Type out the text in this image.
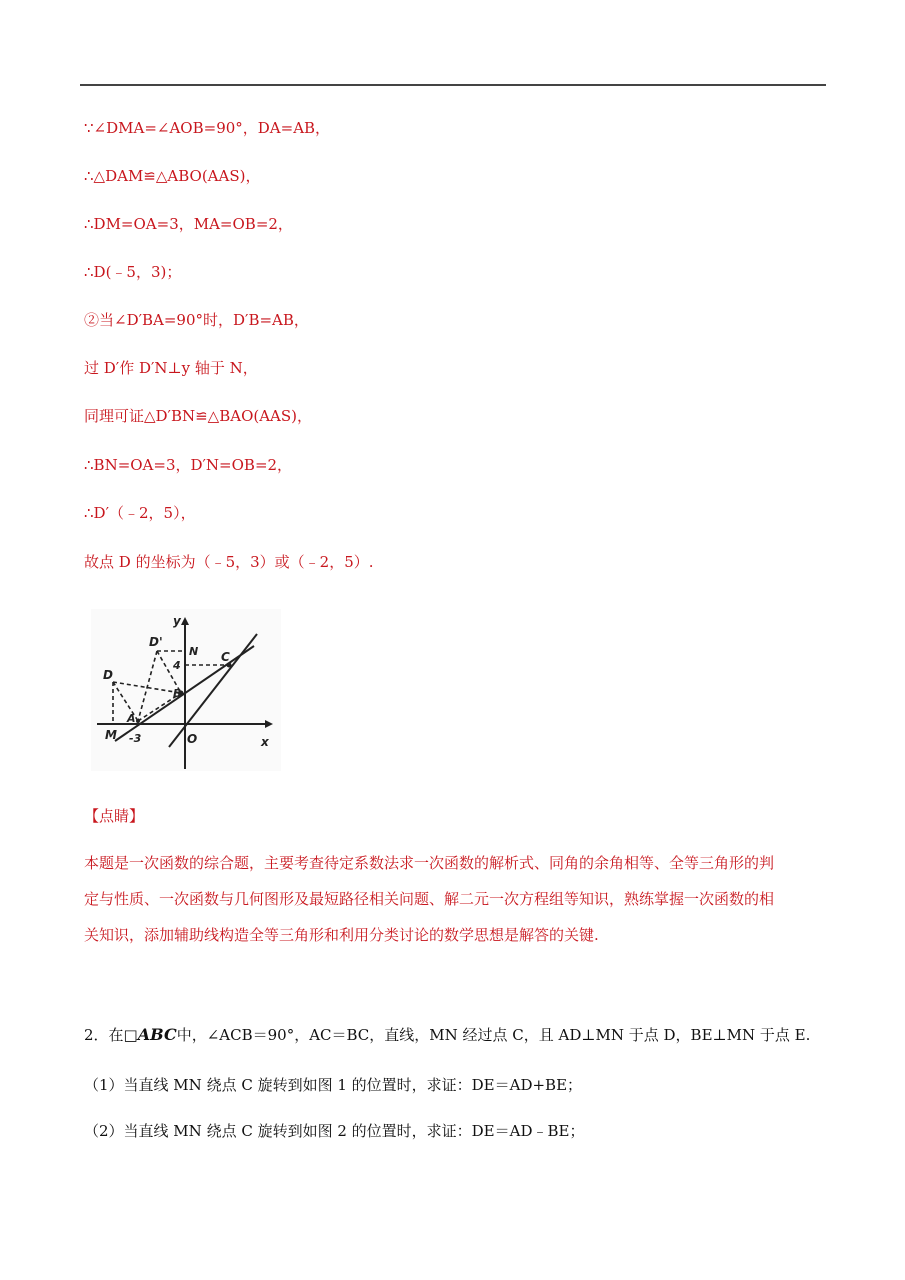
∵∠DMA=∠AOB=90°，DA=AB，
∴△DAM≌△ABO(AAS)，
∴DM=OA=3，MA=OB=2，
∴D(﹣5，3)；
②当∠D′BA=90°时，D′B=AB，
过 D′作 D′N⊥y 轴于 N，
同理可证△D′BN≌△BAO(AAS)，
∴BN=OA=3，D′N=OB=2，
∴D′（﹣2，5），
故点 D 的坐标为（﹣5，3）或（﹣2，5）.
y
x
D'
N
4
C
D
B
A
M -3	O
【点睛】
本题是一次函数的综合题，主要考查待定系数法求一次函数的解析式、同角的余角相等、全等三角形的判
定与性质、一次函数与几何图形及最短路径相关问题、解二元一次方程组等知识，熟练掌握一次函数的相
关知识，添加辅助线构造全等三角形和利用分类讨论的数学思想是解答的关键.
2．在□ABC中，∠ACB＝90°，AC＝BC，直线，MN 经过点 C，且 AD⊥MN 于点 D，BE⊥MN 于点 E.
（1）当直线 MN 绕点 C 旋转到如图 1 的位置时，求证：DE＝AD+BE；
（2）当直线 MN 绕点 C 旋转到如图 2 的位置时，求证：DE＝AD﹣BE；
